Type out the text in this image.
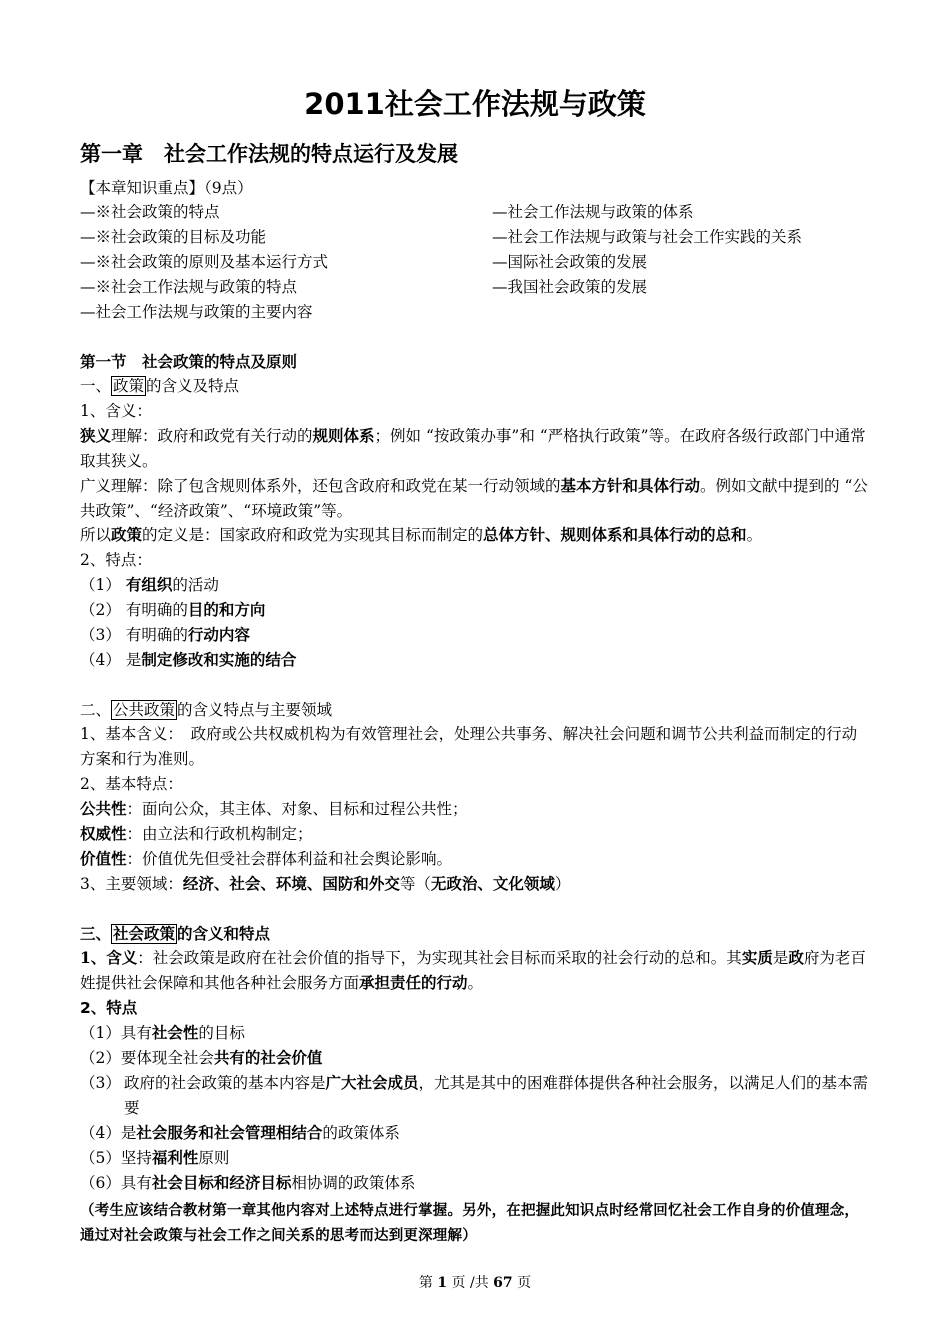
2011社会工作法规与政策
第一章　社会工作法规的特点运行及发展
【本章知识重点】（9点）
—※社会政策的特点
—※社会政策的目标及功能
—※社会政策的原则及基本运行方式
—※社会工作法规与政策的特点
—社会工作法规与政策的主要内容
—社会工作法规与政策的体系
—社会工作法规与政策与社会工作实践的关系
—国际社会政策的发展
—我国社会政策的发展
第一节　社会政策的特点及原则
一、 政策 的含义及特点
1、含义：
狭义理解：政府和政党有关行动的规则体系；例如 “按政策办事”和 “严格执行政策”等。在政府各级行政部门中通常取其狭义。
广义理解：除了包含规则体系外，还包含政府和政党在某一行动领域的基本方针和具体行动。例如文献中提到的 “公共政策”、“经济政策”、“环境政策”等。
所以政策的定义是：国家政府和政党为实现其目标而制定的总体方针、规则体系和具体行动的总和。
2、特点：
（1） 有组织的活动
（2） 有明确的目的和方向
（3） 有明确的行动内容
（4） 是制定修改和实施的结合
二、 公共政策 的含义特点与主要领域
1、基本含义：　政府或公共权威机构为有效管理社会，处理公共事务、解决社会问题和调节公共利益而制定的行动方案和行为准则。
2、基本特点：
公共性：面向公众，其主体、对象、目标和过程公共性；
权威性：由立法和行政机构制定；
价值性：价值优先但受社会群体利益和社会舆论影响。
3、主要领域：经济、社会、环境、国防和外交等（无政治、文化领域）
三、 社会政策 的含义和特点
1、含义：社会政策是政府在社会价值的指导下，为实现其社会目标而采取的社会行动的总和。其实质是政府为老百姓提供社会保障和其他各种社会服务方面承担责任的行动。
2、特点
（1）具有社会性的目标
（2）要体现全社会共有的社会价值
（3） 政府的社会政策的基本内容是广大社会成员，尤其是其中的困难群体提供各种社会服务，以满足人们的基本需要
（4）是社会服务和社会管理相结合的政策体系
（5）坚持福利性原则
（6）具有社会目标和经济目标相协调的政策体系
（考生应该结合教材第一章其他内容对上述特点进行掌握。另外，在把握此知识点时经常回忆社会工作自身的价值理念，通过对社会政策与社会工作之间关系的思考而达到更深理解）
第 1 页 /共 67 页
